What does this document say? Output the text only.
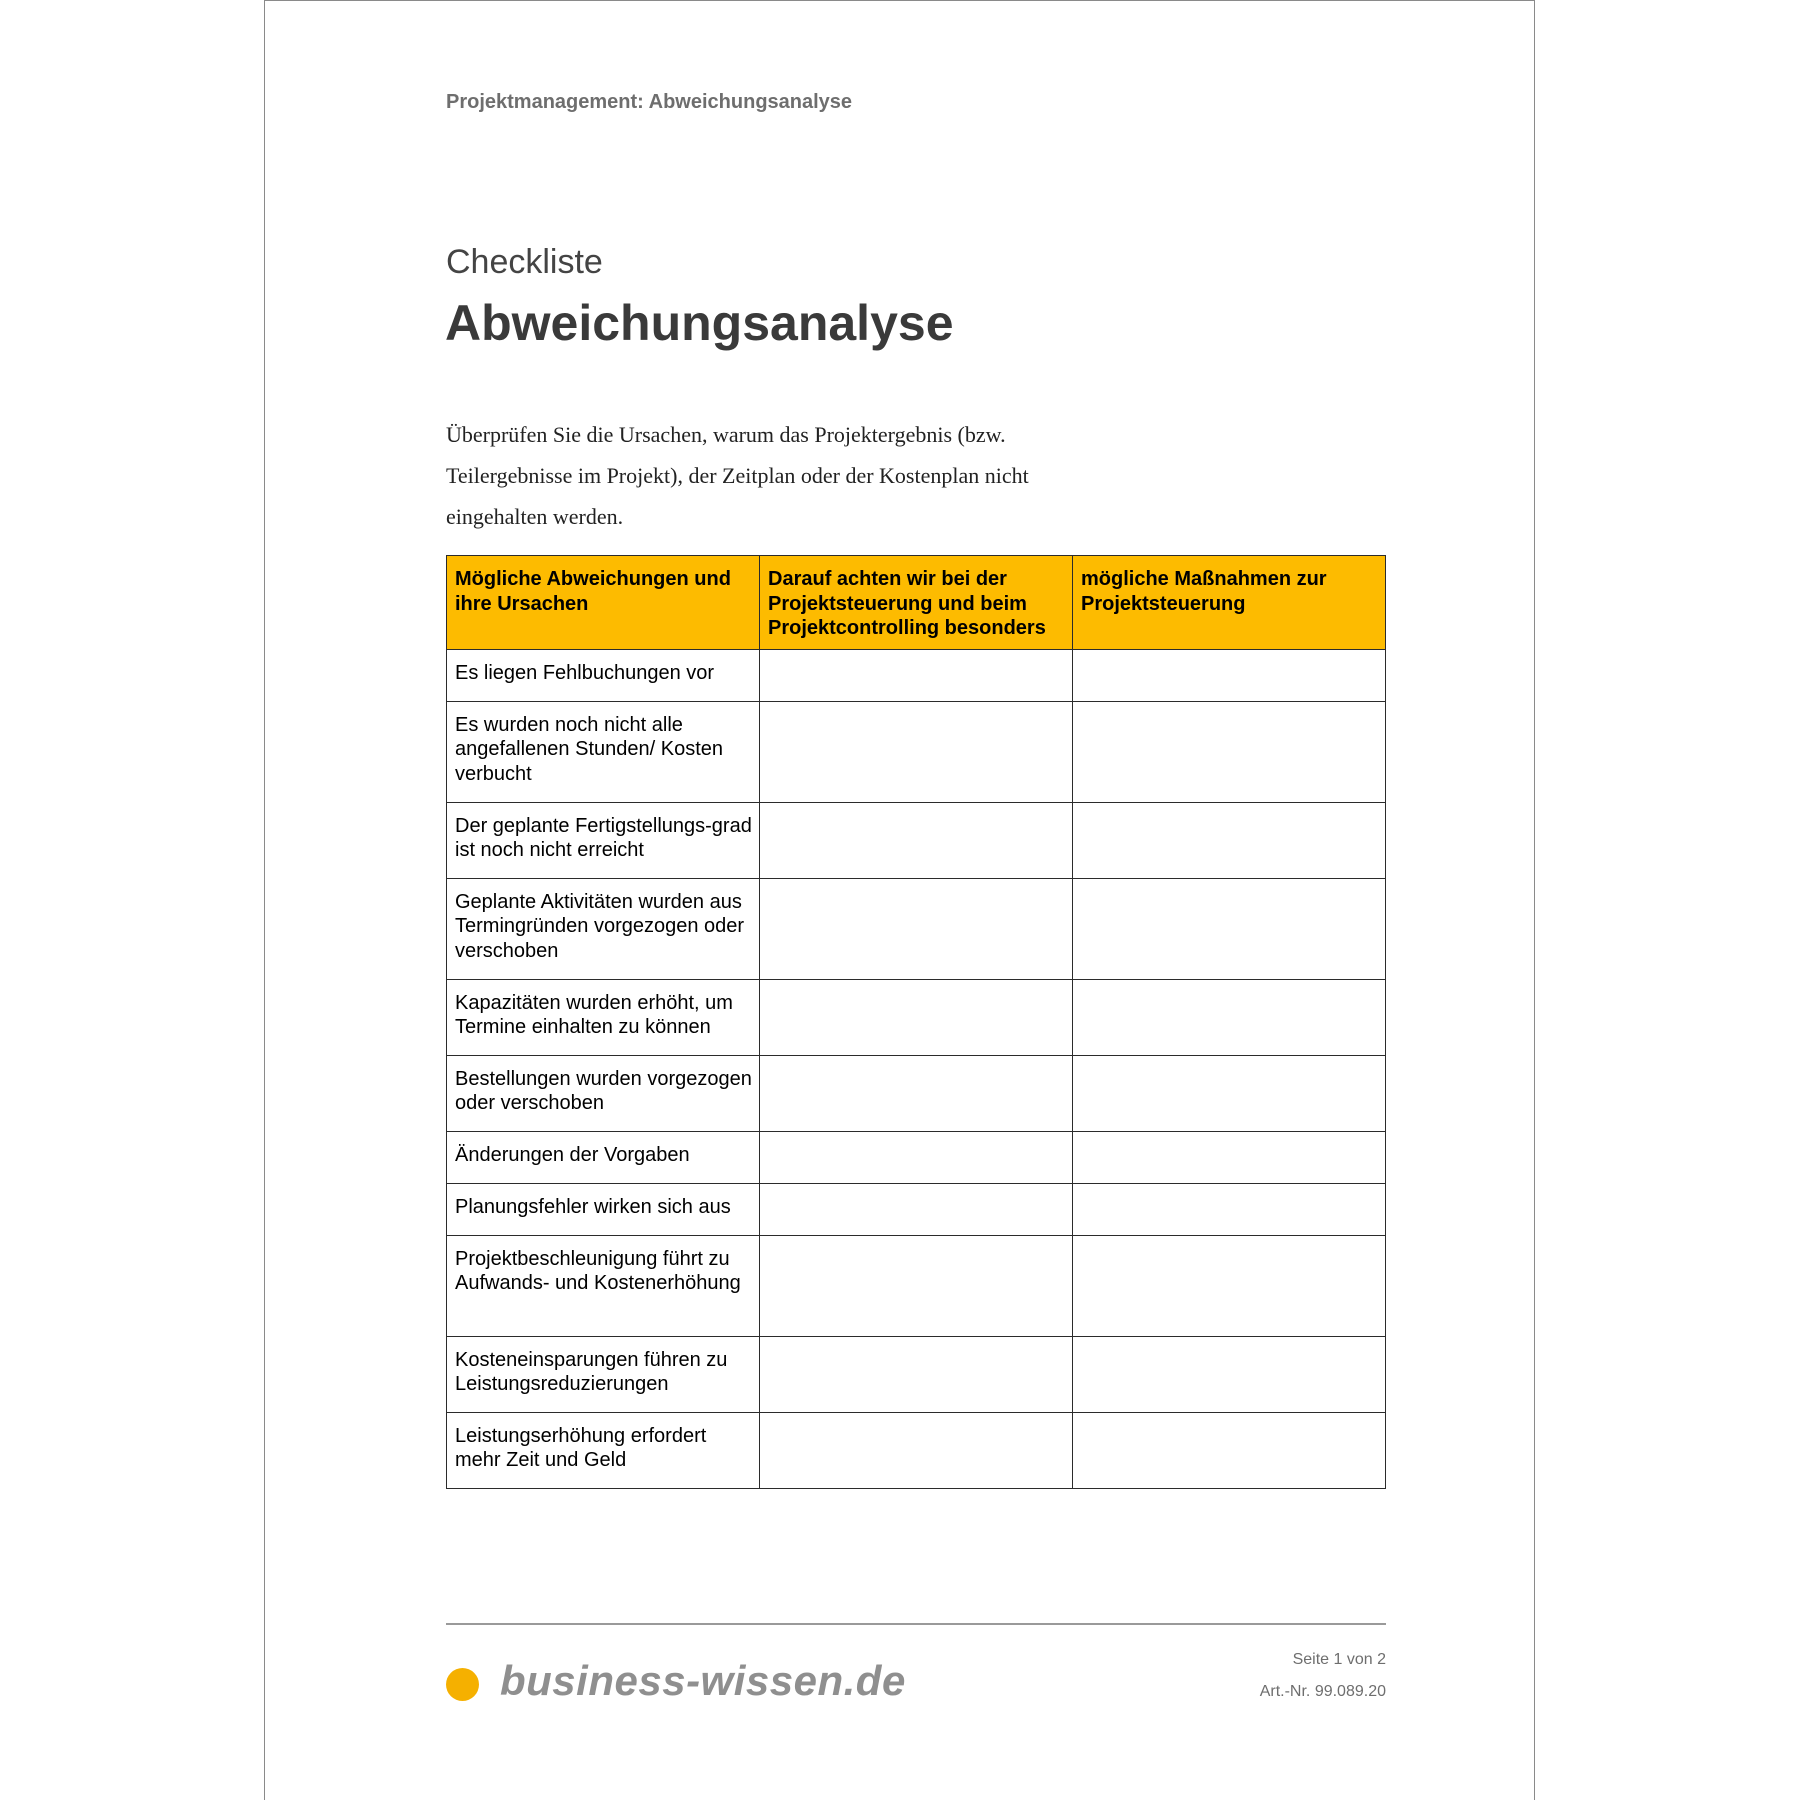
Projektmanagement: Abweichungsanalyse
Checkliste
Abweichungsanalyse
Überprüfen Sie die Ursachen, warum das Projektergebnis (bzw.
Teilergebnisse im Projekt), der Zeitplan oder der Kostenplan nicht
eingehalten werden.
Mögliche Abweichungen und ihre Ursachen	Darauf achten wir bei der Projektsteuerung und beim Projektcontrolling besonders	mögliche Maßnahmen zur Projektsteuerung
Es liegen Fehlbuchungen vor		
Es wurden noch nicht alle angefallenen Stunden/ Kosten verbucht		
Der geplante Fertigstellungs-grad ist noch nicht erreicht		
Geplante Aktivitäten wurden aus Termingründen vorgezogen oder verschoben		
Kapazitäten wurden erhöht, um Termine einhalten zu können		
Bestellungen wurden vorgezogen oder verschoben		
Änderungen der Vorgaben		
Planungsfehler wirken sich aus		
Projektbeschleunigung führt zu Aufwands- und Kostenerhöhung		
Kosteneinsparungen führen zu Leistungsreduzierungen		
Leistungserhöhung erfordert mehr Zeit und Geld		
business-wissen.de	Seite 1 von 2
Art.-Nr. 99.089.20
